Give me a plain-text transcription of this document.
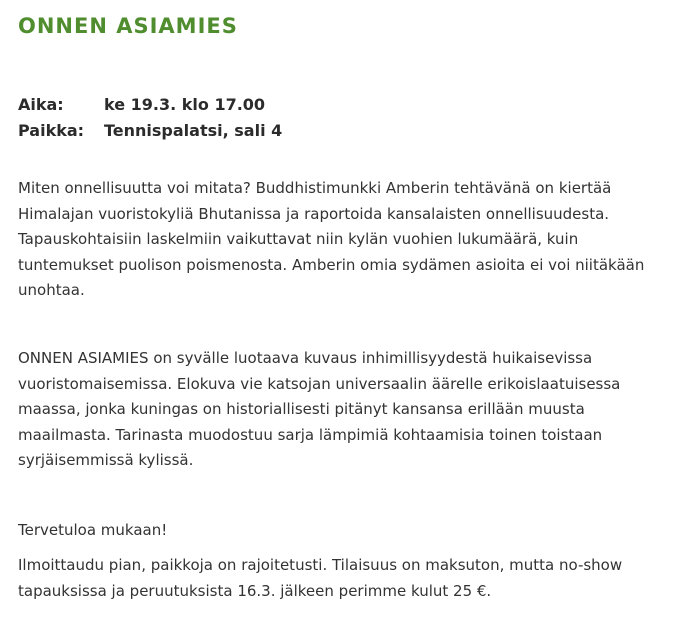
ONNEN ASIAMIES
Aika:	ke 19.3. klo 17.00
Paikka:	Tennispalatsi, sali 4

Miten onnellisuutta voi mitata? Buddhistimunkki Amberin tehtävänä on kiertää Himalajan vuoristokyliä Bhutanissa ja raportoida kansalaisten onnellisuudesta. Tapauskohtaisiin laskelmiin vaikuttavat niin kylän vuohien lukumäärä, kuin tuntemukset puolison poismenosta. Amberin omia sydämen asioita ei voi niitäkään unohtaa.

ONNEN ASIAMIES on syvälle luotaava kuvaus inhimillisyydestä huikaisevissa vuoristomaisemissa. Elokuva vie katsojan universaalin äärelle erikoislaatuisessa maassa, jonka kuningas on historiallisesti pitänyt kansansa erillään muusta maailmasta. Tarinasta muodostuu sarja lämpimiä kohtaamisia toinen toistaan syrjäisemmissä kylissä.

Tervetuloa mukaan!

Ilmoittaudu pian, paikkoja on rajoitetusti. Tilaisuus on maksuton, mutta no-show tapauksissa ja peruutuksista 16.3. jälkeen perimme kulut 25 €.
